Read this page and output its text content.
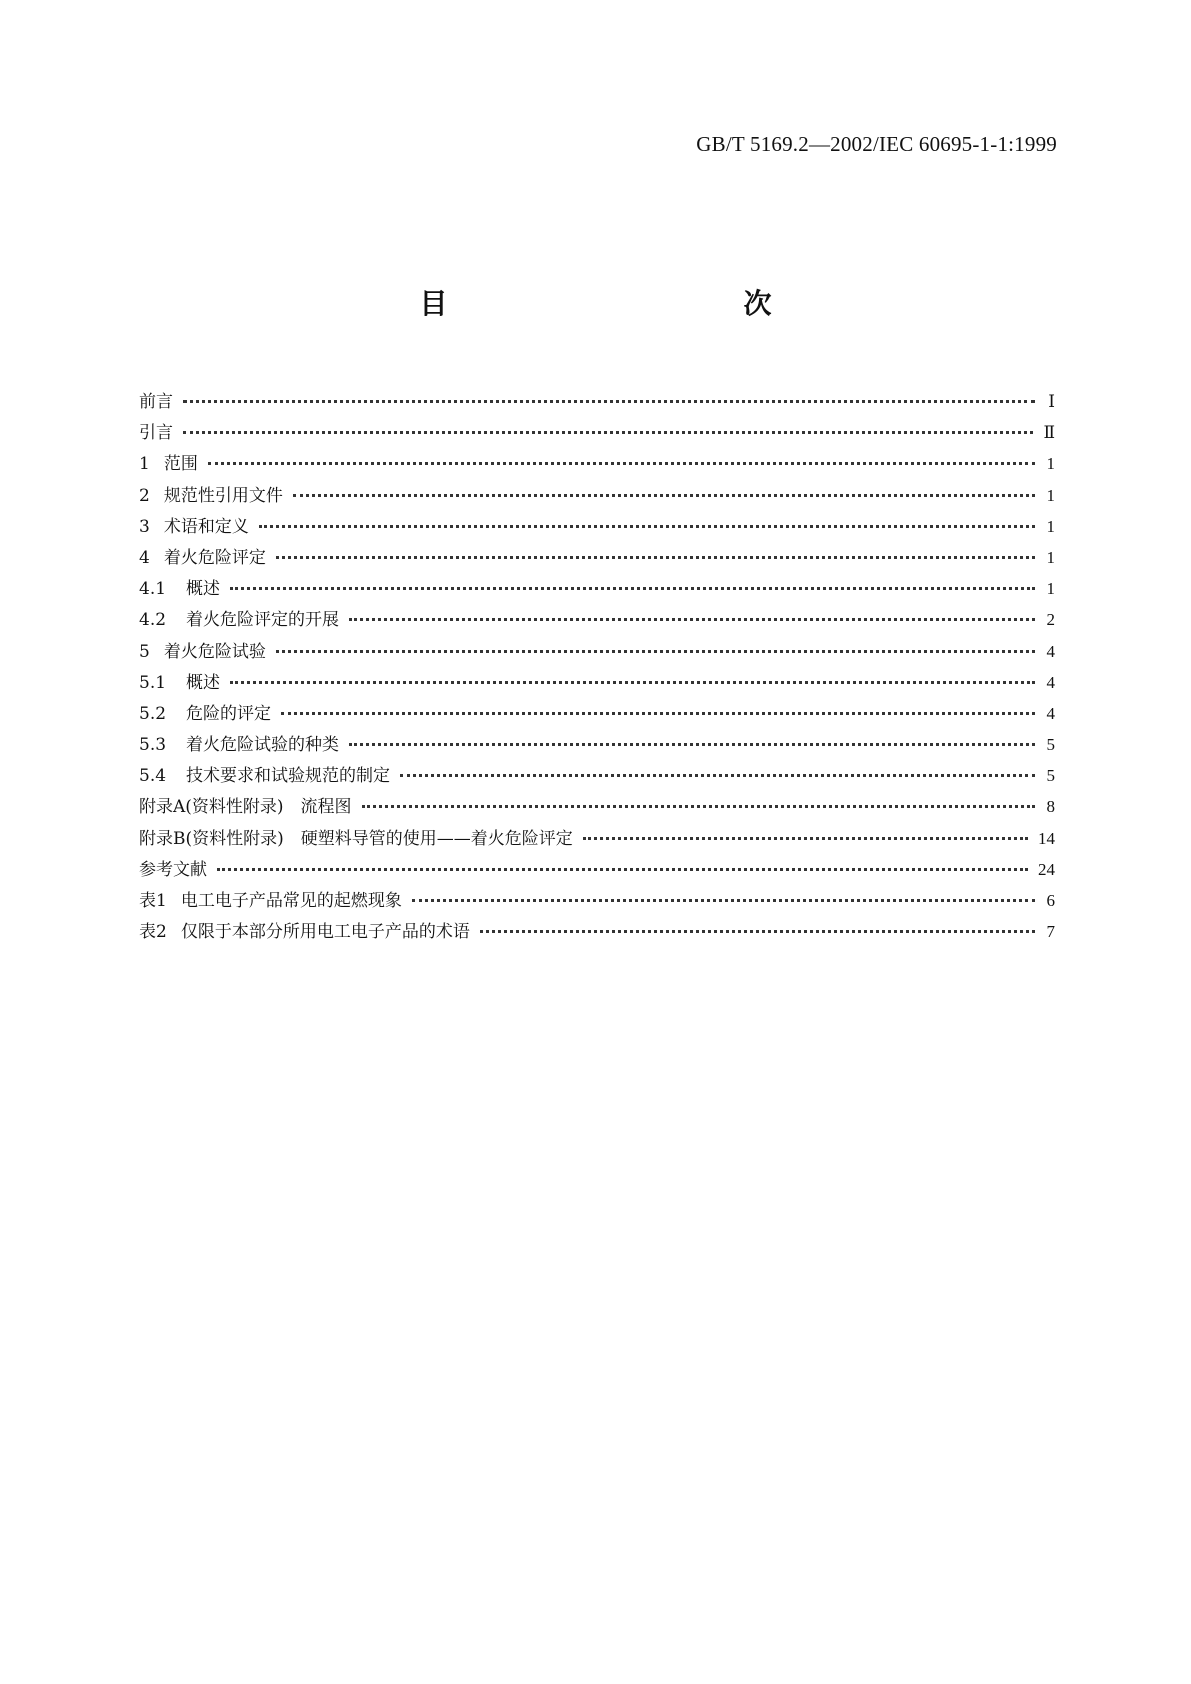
GB/T 5169.2—2002/IEC 60695-1-1:1999
目　　次
前言	Ⅰ
引言	Ⅱ
1 范围	1
2 规范性引用文件	1
3 术语和定义	1
4 着火危险评定	1
4.1 概述	1
4.2 着火危险评定的开展	2
5 着火危险试验	4
5.1 概述	4
5.2 危险的评定	4
5.3 着火危险试验的种类	5
5.4 技术要求和试验规范的制定	5
附录A(资料性附录)　流程图	8
附录B(资料性附录)　硬塑料导管的使用——着火危险评定	14
参考文献	24
表1 电工电子产品常见的起燃现象	6
表2 仅限于本部分所用电工电子产品的术语	7
